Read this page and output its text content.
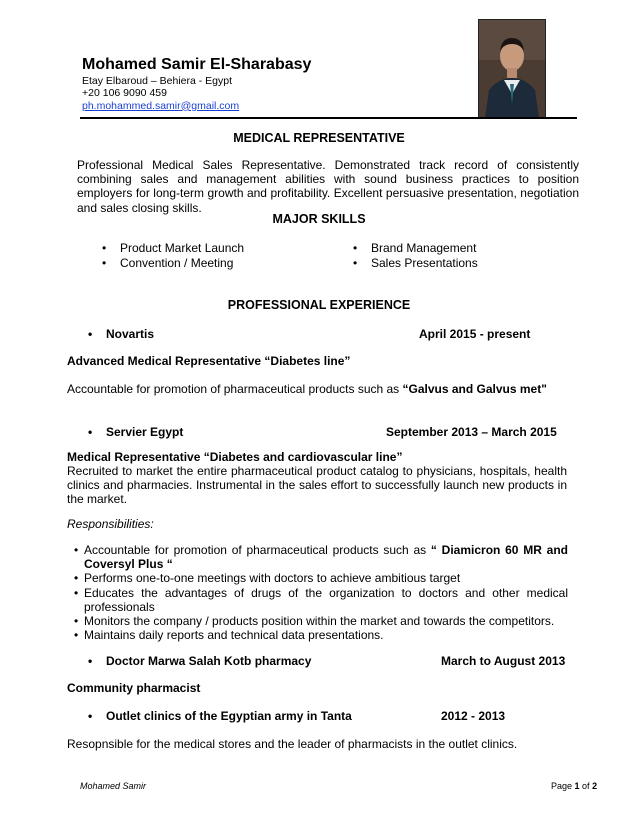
Mohamed Samir El-Sharabasy
Etay Elbaroud – Behiera - Egypt
+20 106 9090 459
ph.mohammed.samir@gmail.com
MEDICAL REPRESENTATIVE
Professional Medical Sales Representative. Demonstrated track record of consistently combining sales and management abilities with sound business practices to position employers for long-term growth and profitability. Excellent persuasive presentation, negotiation and sales closing skills.
MAJOR SKILLS
• Product Market Launch
• Convention / Meeting
• Brand Management
• Sales Presentations
PROFESSIONAL EXPERIENCE
• Novartis	April 2015 - present
Advanced Medical Representative “Diabetes line”
Accountable for promotion of pharmaceutical products such as “Galvus and Galvus met"
• Servier Egypt	September 2013 – March 2015
Medical Representative “Diabetes and cardiovascular line”
Recruited to market the entire pharmaceutical product catalog to physicians, hospitals, health clinics and pharmacies. Instrumental in the sales effort to successfully launch new products in the market.
Responsibilities:
• Accountable for promotion of pharmaceutical products such as “ Diamicron 60 MR and Coversyl Plus “
• Performs one-to-one meetings with doctors to achieve ambitious target
• Educates the advantages of drugs of the organization to doctors and other medical professionals
• Monitors the company / products position within the market and towards the competitors.
• Maintains daily reports and technical data presentations.
• Doctor Marwa Salah Kotb pharmacy	March to August 2013
Community pharmacist
• Outlet clinics of the Egyptian army in Tanta	2012 - 2013
Resopnsible for the medical stores and the leader of pharmacists in the outlet clinics.
Mohamed Samir	Page 1 of 2
